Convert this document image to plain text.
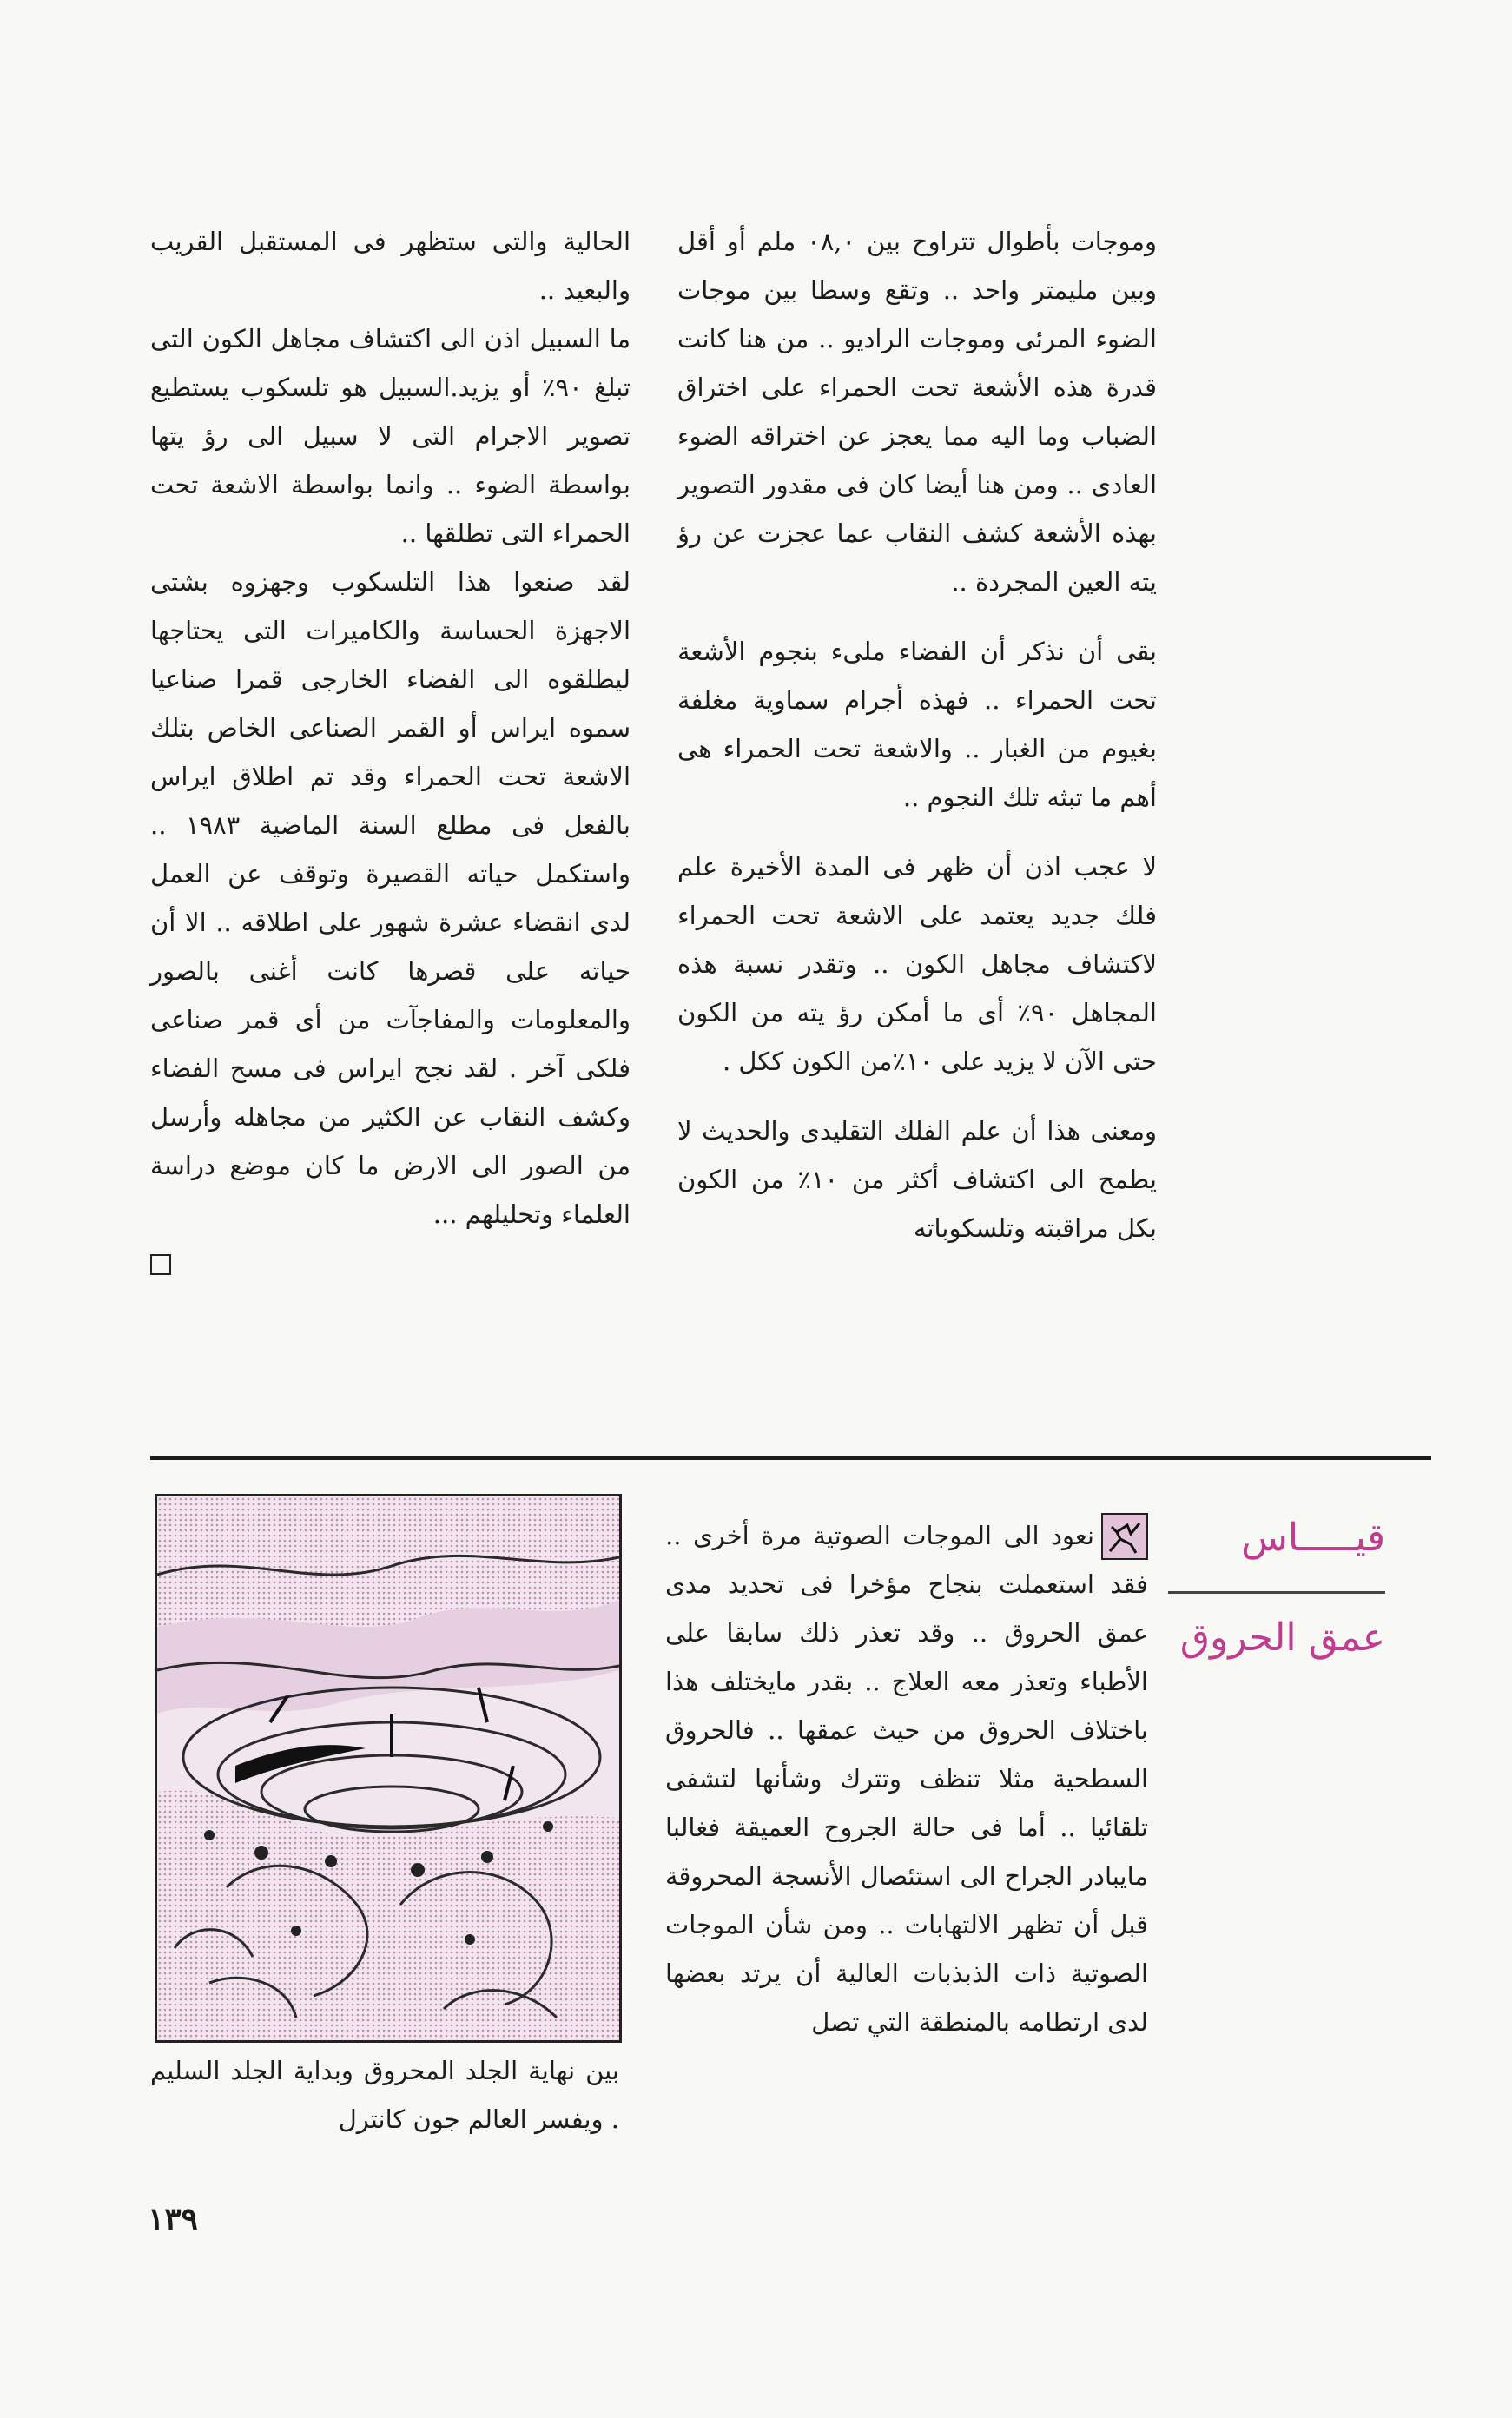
وموجات بأطوال تتراوح بين ٠٨,٠ ملم أو أقل وبين مليمتر واحد .. وتقع وسطا بين موجات الضوء المرئى وموجات الراديو .. من هنا كانت قدرة هذه الأشعة تحت الحمراء على اختراق الضباب وما اليه مما يعجز عن اختراقه الضوء العادى .. ومن هنا أيضا كان فى مقدور التصوير بهذه الأشعة كشف النقاب عما عجزت عن رؤ يته العين المجردة ..

بقى أن نذكر أن الفضاء ملىء بنجوم الأشعة تحت الحمراء .. فهذه أجرام سماوية مغلفة بغيوم من الغبار .. والاشعة تحت الحمراء هى أهم ما تبثه تلك النجوم ..

لا عجب اذن أن ظهر فى المدة الأخيرة علم فلك جديد يعتمد على الاشعة تحت الحمراء لاكتشاف مجاهل الكون .. وتقدر نسبة هذه المجاهل ٩٠٪ أى ما أمكن رؤ يته من الكون حتى الآن لا يزيد على ١٠٪من الكون ككل .

ومعنى هذا أن علم الفلك التقليدى والحديث لا يطمح الى اكتشاف أكثر من ١٠٪ من الكون بكل مراقبته وتلسكوباته

الحالية والتى ستظهر فى المستقبل القريب والبعيد ..

ما السبيل اذن الى اكتشاف مجاهل الكون التى تبلغ ٩٠٪ أو يزيد.السبيل هو تلسكوب يستطيع تصوير الاجرام التى لا سبيل الى رؤ يتها بواسطة الضوء .. وانما بواسطة الاشعة تحت الحمراء التى تطلقها ..

لقد صنعوا هذا التلسكوب وجهزوه بشتى الاجهزة الحساسة والكاميرات التى يحتاجها ليطلقوه الى الفضاء الخارجى قمرا صناعيا سموه ايراس أو القمر الصناعى الخاص بتلك الاشعة تحت الحمراء وقد تم اطلاق ايراس بالفعل فى مطلع السنة الماضية ١٩٨٣ .. واستكمل حياته القصيرة وتوقف عن العمل لدى انقضاء عشرة شهور على اطلاقه .. الا أن حياته على قصرها كانت أغنى بالصور والمعلومات والمفاجآت من أى قمر صناعى فلكى آخر . لقد نجح ايراس فى مسح الفضاء وكشف النقاب عن الكثير من مجاهله وأرسل من الصور الى الارض ما كان موضع دراسة العلماء وتحليلهم ...

قيـــــاس
عمق الحروق
نعود الى الموجات الصوتية مرة أخرى .. فقد استعملت بنجاح مؤخرا فى تحديد مدى عمق الحروق .. وقد تعذر ذلك سابقا على الأطباء وتعذر معه العلاج .. بقدر مايختلف هذا باختلاف الحروق من حيث عمقها .. فالحروق السطحية مثلا تنظف وتترك وشأنها لتشفى تلقائيا .. أما فى حالة الجروح العميقة فغالبا مايبادر الجراح الى استئصال الأنسجة المحروقة قبل أن تظهر الالتهابات .. ومن شأن الموجات الصوتية ذات الذبذبات العالية أن يرتد بعضها لدى ارتطامه بالمنطقة التي تصل
بين نهاية الجلد المحروق وبداية الجلد السليم . ويفسر العالم جون كانترل
١٣٩
